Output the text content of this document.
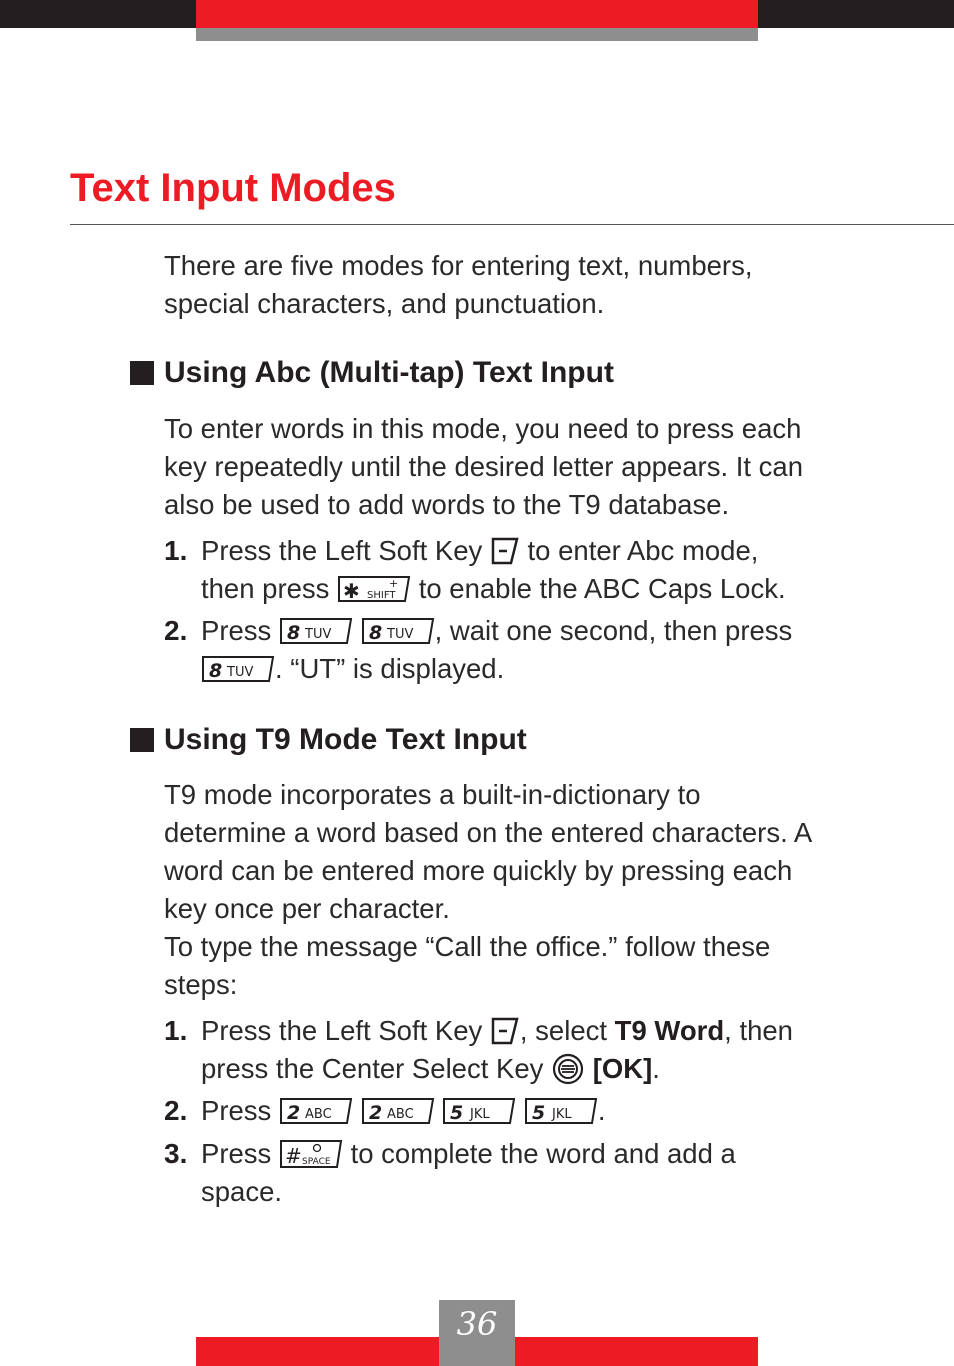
Text Input Modes

There are five modes for entering text, numbers,
special characters, and punctuation.

Using Abc (Multi-tap) Text Input

To enter words in this mode, you need to press each
key repeatedly until the desired letter appears. It can
also be used to add words to the T9 database.

1. Press the Left Soft Key  to enter Abc mode,
then press ✱	+
SHIFT to enable the ABC Caps Lock.
2. Press 8 TUV
8 TUV , wait one second, then press

8 TUV . “UT” is displayed.
Using T9 Mode Text Input

T9 mode incorporates a built-in-dictionary to
determine a word based on the entered characters. A
word can be entered more quickly by pressing each
key once per character.
To type the message “Call the office.” follow these
steps:

1. Press the Left Soft Key , select T9 Word, then
press the Center Select Key  [OK].
2. Press 2 ABC
2 ABC
5 JKL
5 JKL .
3. Press # SPACE to complete the word and add a
space.
36
